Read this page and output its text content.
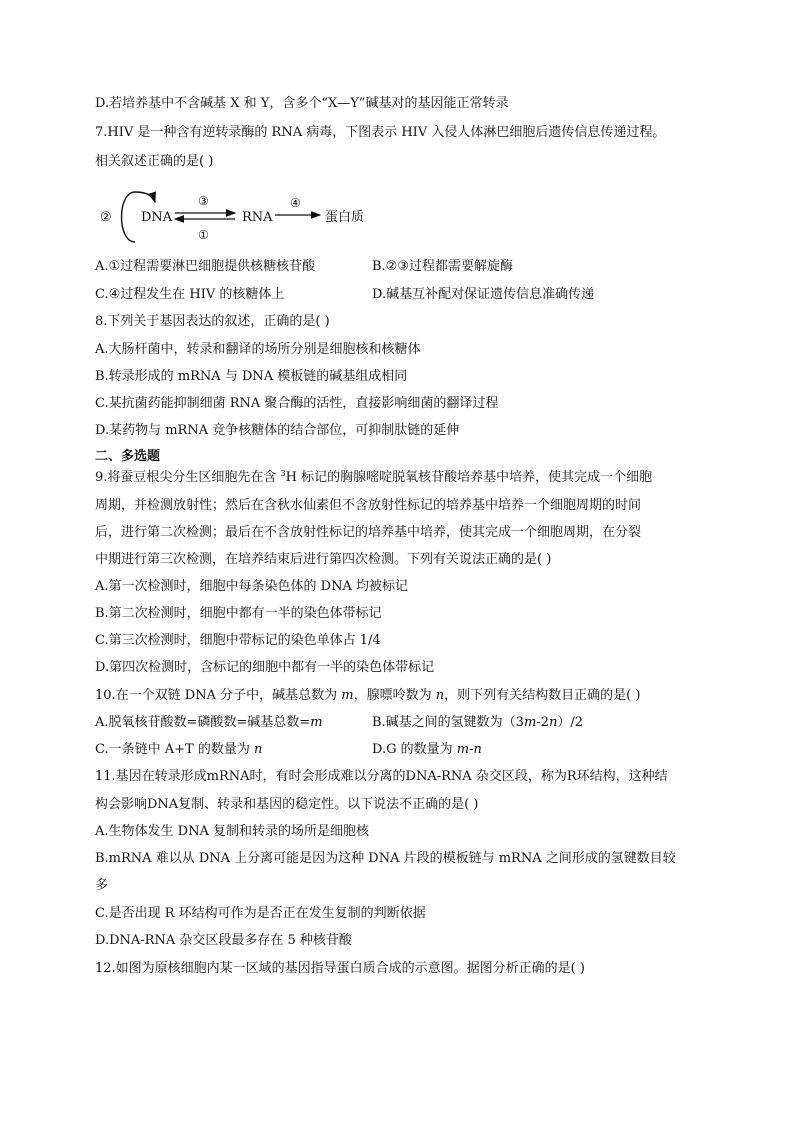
D.若培养基中不含碱基 X 和 Y，含多个“X—Y”碱基对的基因能正常转录
7.HIV 是一种含有逆转录酶的 RNA 病毒，下图表示 HIV 入侵人体淋巴细胞后遗传信息传递过程。
相关叙述正确的是( )
② DNA
③
①
RNA
④
蛋白质
A.①过程需要淋巴细胞提供核糖核苷酸	B.②③过程都需要解旋酶
C.④过程发生在 HIV 的核糖体上	D.碱基互补配对保证遗传信息准确传递
8.下列关于基因表达的叙述，正确的是( )
A.大肠杆菌中，转录和翻译的场所分别是细胞核和核糖体
B.转录形成的 mRNA 与 DNA 模板链的碱基组成相同
C.某抗菌药能抑制细菌 RNA 聚合酶的活性，直接影响细菌的翻译过程
D.某药物与 mRNA 竞争核糖体的结合部位，可抑制肽链的延伸
二、多选题
9.将蚕豆根尖分生区细胞先在含 $^3$H 标记的胸腺嘧啶脱氧核苷酸培养基中培养，使其完成一个细胞
周期，并检测放射性；然后在含秋水仙素但不含放射性标记的培养基中培养一个细胞周期的时间
后，进行第二次检测；最后在不含放射性标记的培养基中培养，使其完成一个细胞周期，在分裂
中期进行第三次检测，在培养结束后进行第四次检测。下列有关说法正确的是( )
A.第一次检测时，细胞中每条染色体的 DNA 均被标记
B.第二次检测时，细胞中都有一半的染色体带标记
C.第三次检测时，细胞中带标记的染色单体占 1/4
D.第四次检测时，含标记的细胞中都有一半的染色体带标记
10.在一个双链 DNA 分子中，碱基总数为 m，腺嘌呤数为 n，则下列有关结构数目正确的是( )
A.脱氧核苷酸数=磷酸数=碱基总数=m	B.碱基之间的氢键数为（3m-2n）/2
C.一条链中 A+T 的数量为 n	D.G 的数量为 m-n
11.基因在转录形成mRNA时，有时会形成难以分离的DNA-RNA 杂交区段，称为R环结构，这种结
构会影响DNA复制、转录和基因的稳定性。以下说法不正确的是( )
A.生物体发生 DNA 复制和转录的场所是细胞核
B.mRNA 难以从 DNA 上分离可能是因为这种 DNA 片段的模板链与 mRNA 之间形成的氢键数目较
多
C.是否出现 R 环结构可作为是否正在发生复制的判断依据
D.DNA-RNA 杂交区段最多存在 5 种核苷酸
12.如图为原核细胞内某一区域的基因指导蛋白质合成的示意图。据图分析正确的是( )
